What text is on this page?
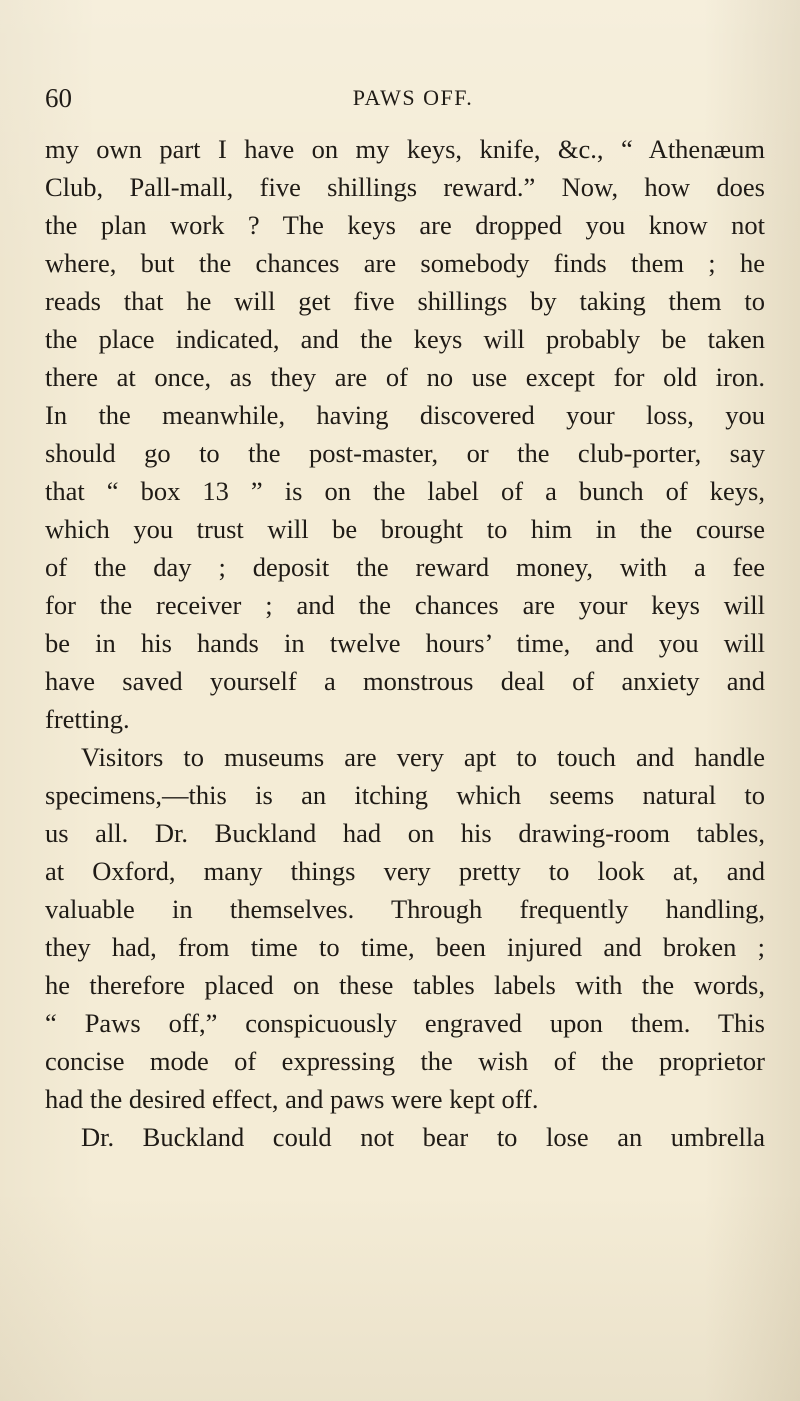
60	PAWS OFF.
my own part I have on my keys, knife, &c., “ Athenæum
Club, Pall-mall, five shillings reward.” Now, how does
the plan work ? The keys are dropped you know not
where, but the chances are somebody finds them ; he
reads that he will get five shillings by taking them to
the place indicated, and the keys will probably be taken
there at once, as they are of no use except for old iron.
In the meanwhile, having discovered your loss, you
should go to the post-master, or the club-porter, say
that “ box 13 ” is on the label of a bunch of keys,
which you trust will be brought to him in the course
of the day ; deposit the reward money, with a fee
for the receiver ; and the chances are your keys will
be in his hands in twelve hours’ time, and you will
have saved yourself a monstrous deal of anxiety and
fretting.
Visitors to museums are very apt to touch and handle
specimens,—this is an itching which seems natural to
us all. Dr. Buckland had on his drawing-room tables,
at Oxford, many things very pretty to look at, and
valuable in themselves. Through frequently handling,
they had, from time to time, been injured and broken ;
he therefore placed on these tables labels with the words,
“ Paws off,” conspicuously engraved upon them. This
concise mode of expressing the wish of the proprietor
had the desired effect, and paws were kept off.
Dr. Buckland could not bear to lose an umbrella
